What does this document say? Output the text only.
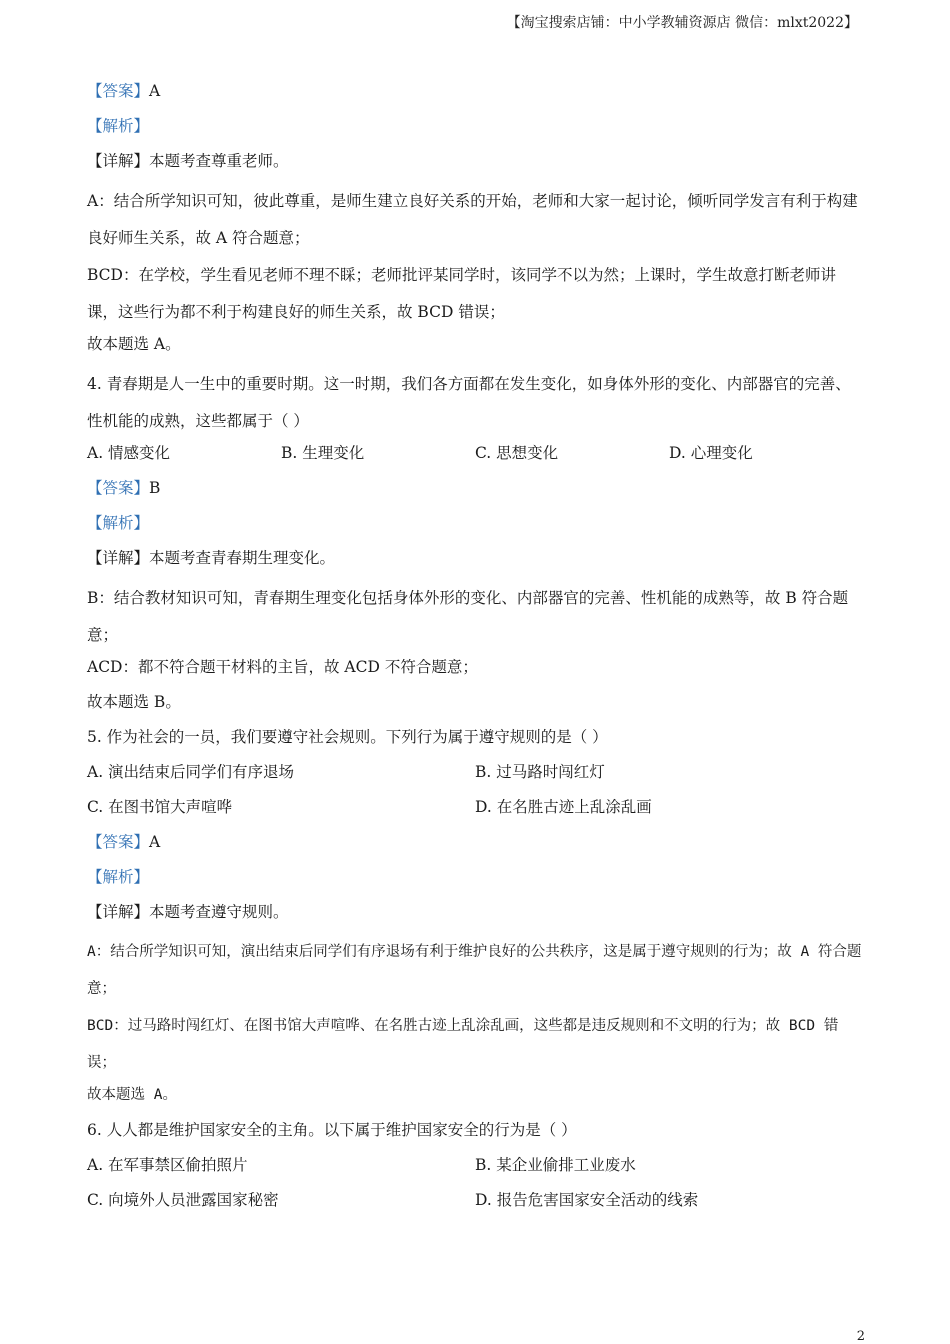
【淘宝搜索店铺：中小学教辅资源店 微信：mlxt2022】
【答案】A
【解析】
【详解】本题考查尊重老师。
A：结合所学知识可知，彼此尊重，是师生建立良好关系的开始，老师和大家一起讨论，倾听同学发言有利于构建良好师生关系，故 A 符合题意；
BCD：在学校，学生看见老师不理不睬；老师批评某同学时，该同学不以为然；上课时，学生故意打断老师讲课，这些行为都不利于构建良好的师生关系，故 BCD 错误；
故本题选 A。
4. 青春期是人一生中的重要时期。这一时期，我们各方面都在发生变化，如身体外形的变化、内部器官的完善、性机能的成熟，这些都属于（ ）
A. 情感变化	B. 生理变化	C. 思想变化	D. 心理变化
【答案】B
【解析】
【详解】本题考查青春期生理变化。
B：结合教材知识可知，青春期生理变化包括身体外形的变化、内部器官的完善、性机能的成熟等，故 B 符合题意；
ACD：都不符合题干材料的主旨，故 ACD 不符合题意；
故本题选 B。
5. 作为社会的一员，我们要遵守社会规则。下列行为属于遵守规则的是（ ）
A. 演出结束后同学们有序退场	B. 过马路时闯红灯
C. 在图书馆大声喧哗	D. 在名胜古迹上乱涂乱画
【答案】A
【解析】
【详解】本题考查遵守规则。
A：结合所学知识可知，演出结束后同学们有序退场有利于维护良好的公共秩序，这是属于遵守规则的行为；故 A 符合题意；
BCD：过马路时闯红灯、在图书馆大声喧哗、在名胜古迹上乱涂乱画，这些都是违反规则和不文明的行为；故 BCD 错误；
故本题选 A。
6. 人人都是维护国家安全的主角。以下属于维护国家安全的行为是（ ）
A. 在军事禁区偷拍照片	B. 某企业偷排工业废水
C. 向境外人员泄露国家秘密	D. 报告危害国家安全活动的线索
2
